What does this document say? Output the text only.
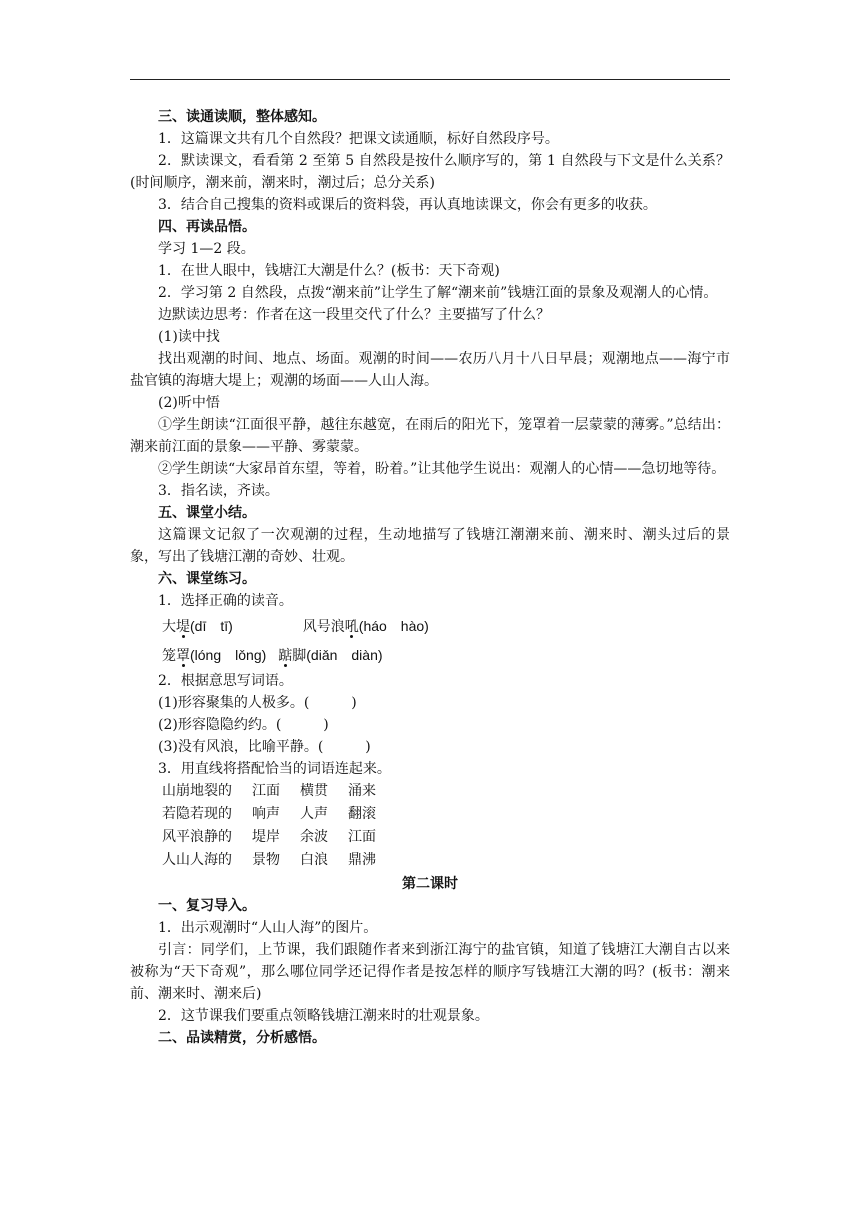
三、读通读顺，整体感知。

1．这篇课文共有几个自然段？把课文读通顺，标好自然段序号。

2．默读课文，看看第 2 至第 5 自然段是按什么顺序写的，第 1 自然段与下文是什么关系？(时间顺序，潮来前，潮来时，潮过后；总分关系)

3．结合自己搜集的资料或课后的资料袋，再认真地读课文，你会有更多的收获。

四、再读品悟。

学习 1—2 段。

1．在世人眼中，钱塘江大潮是什么？(板书：天下奇观)

2．学习第 2 自然段，点拨“潮来前”让学生了解“潮来前”钱塘江面的景象及观潮人的心情。

边默读边思考：作者在这一段里交代了什么？主要描写了什么？

(1)读中找

找出观潮的时间、地点、场面。观潮的时间——农历八月十八日早晨；观潮地点——海宁市盐官镇的海塘大堤上；观潮的场面——人山人海。

(2)听中悟

①学生朗读“江面很平静，越往东越宽，在雨后的阳光下，笼罩着一层蒙蒙的薄雾。”总结出：潮来前江面的景象——平静、雾蒙蒙。

②学生朗读“大家昂首东望，等着，盼着。”让其他学生说出：观潮人的心情——急切地等待。

3．指名读，齐读。

五、课堂小结。

这篇课文记叙了一次观潮的过程，生动地描写了钱塘江潮潮来前、潮来时、潮头过后的景象，写出了钱塘江潮的奇妙、壮观。

六、课堂练习。

1．选择正确的读音。

大堤(dī　tī)	风号浪吼(háo　hào)

笼罩(lóng　lǒng) 踮脚(diǎn　diàn)

2．根据意思写词语。

(1)形容聚集的人极多。(　　　)

(2)形容隐隐约约。(　　　)

(3)没有风浪，比喻平静。(　　　)

3．用直线将搭配恰当的词语连起来。

山崩地裂的 江面 横贯 涌来

若隐若现的 响声 人声 翻滚

风平浪静的 堤岸 余波 江面

人山人海的 景物 白浪 鼎沸

第二课时

一、复习导入。

1．出示观潮时“人山人海”的图片。

引言：同学们，上节课，我们跟随作者来到浙江海宁的盐官镇，知道了钱塘江大潮自古以来被称为“天下奇观”，那么哪位同学还记得作者是按怎样的顺序写钱塘江大潮的吗？(板书：潮来前、潮来时、潮来后)

2．这节课我们要重点领略钱塘江潮来时的壮观景象。

二、品读精赏，分析感悟。
